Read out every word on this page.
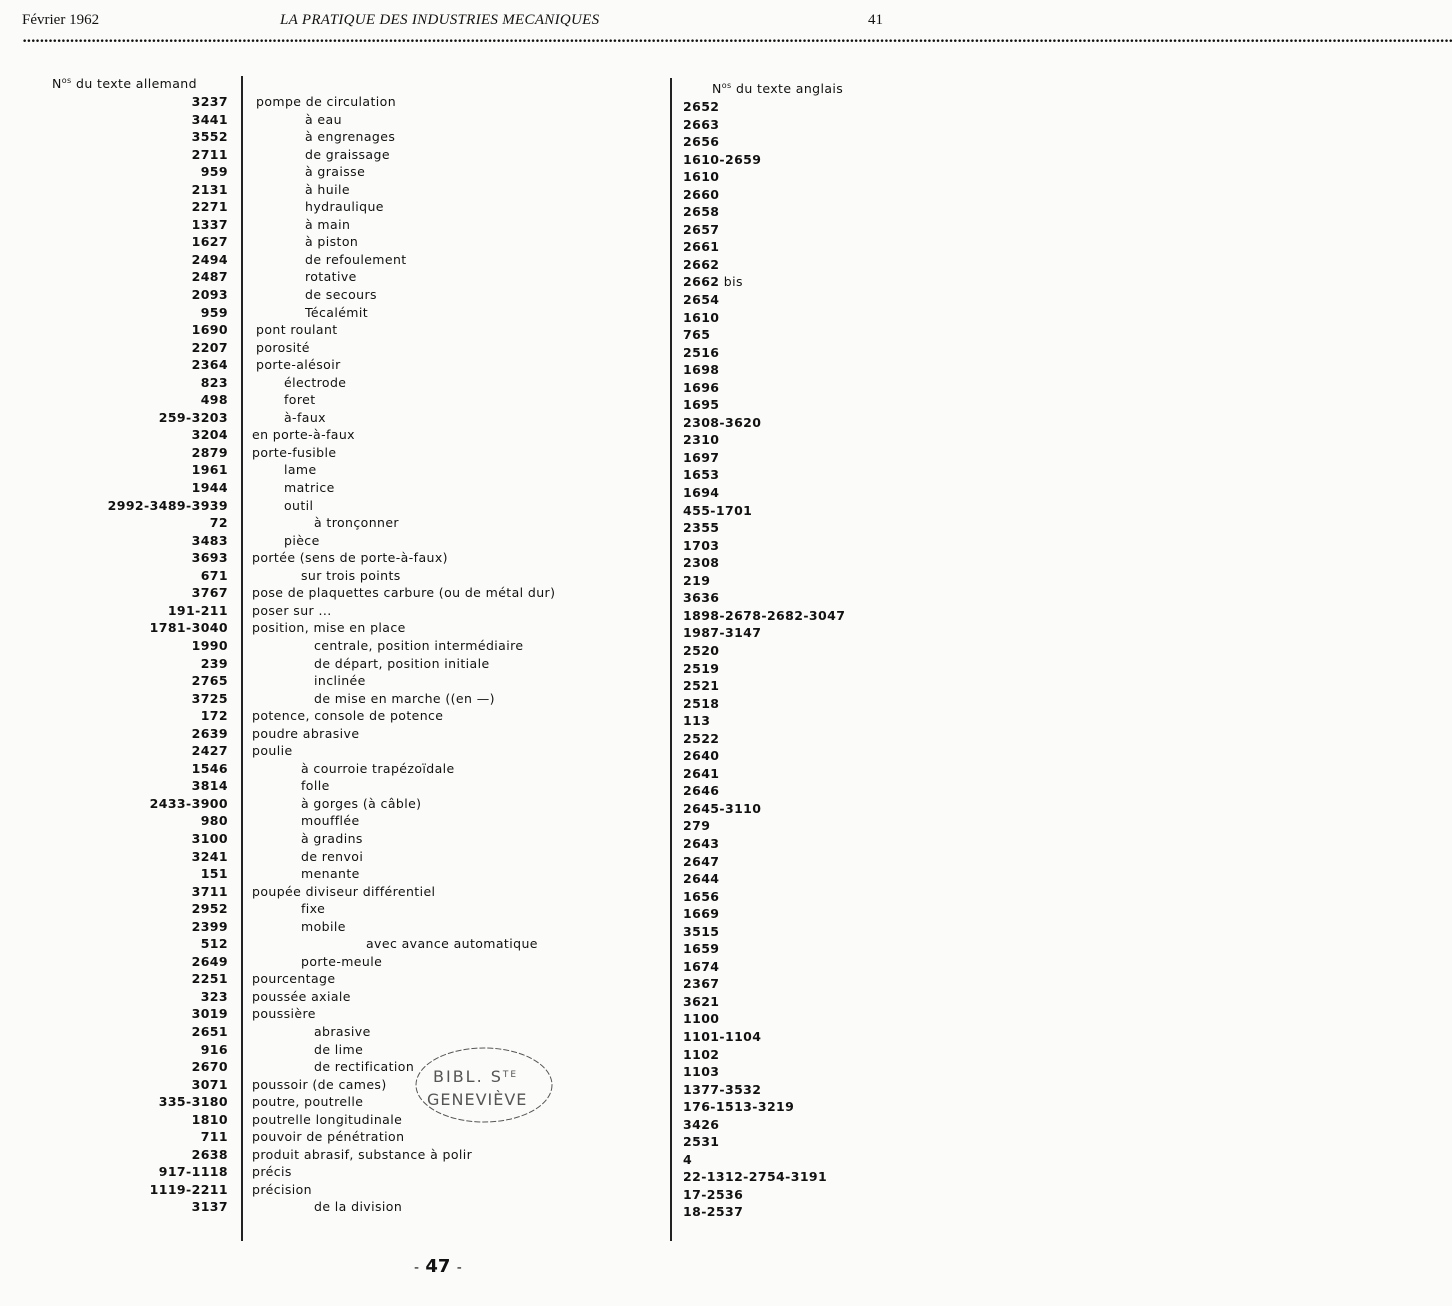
Février 1962	LA PRATIQUE DES INDUSTRIES MECANIQUES	41
••••••••••••••••••••••••••••••••••••••••••••••••••••••••••••••••••••••••••••••••••••••••••••••••••••••••••••••••••••••••••••••••••••••••••••••••••••••••••••••••••••••••••••••••••••••••••••••••••••••••••••••••••••••••••••••••••••••••••••••••••••••••••••••••••••••••••••••••••••••••••••••••••••••••••••••••••••••••••••••••••••••••••••
$N^{os}$ du texte allemand	$N^{os}$ du texte anglais
3237 pompe de circulation	2652
3441	à eau	2663
3552	à engrenages	2656
2711	de graissage	1610-2659
959	à graisse	1610
2131	à huile	2660
2271	hydraulique	2658
1337	à main	2657
1627	à piston	2661
2494	de refoulement	2662
2487	rotative	2662 bis
2093	de secours	2654
959	Técalémit	1610
1690 pont roulant	765
2207 porosité	2516
2364 porte-alésoir	1698
823	électrode	1696
498	foret	1695
259-3203	à-faux	2308-3620
3204 en porte-à-faux	2310
2879 porte-fusible	1697
1961	lame	1653
1944	matrice	1694
2992-3489-3939	outil	455-1701
72	à tronçonner	2355
3483	pièce	1703
3693 portée (sens de porte-à-faux)	2308
671	sur trois points	219
3767 pose de plaquettes carbure (ou de métal dur)	3636
191-211 poser sur ...	1898-2678-2682-3047
1781-3040 position, mise en place	1987-3147
1990	centrale, position intermédiaire	2520
239	de départ, position initiale	2519
2765	inclinée	2521
3725	de mise en marche ((en —)	2518
172 potence, console de potence	113
2639 poudre abrasive	2522
2427 poulie	2640
1546	à courroie trapézoïdale	2641
3814	folle	2646
2433-3900	à gorges (à câble)	2645-3110
980	moufflée	279
3100	à gradins	2643
3241	de renvoi	2647
151	menante	2644
3711 poupée diviseur différentiel	1656
2952	fixe	1669
2399	mobile	3515
512	avec avance automatique	1659
2649	porte-meule	1674
2251 pourcentage	2367
323 poussée axiale	3621
3019 poussière	1100
2651	abrasive	1101-1104
916	de lime	1102
2670	de rectification	1103
3071 poussoir (de cames)	1377-3532
335-3180 poutre, poutrelle	176-1513-3219
1810 poutrelle longitudinale	3426
711 pouvoir de pénétration	2531
2638 produit abrasif, substance à polir	4
917-1118 précis	22-1312-2754-3191
1119-2211 précision	17-2536
3137	de la division	18-2537
BIBL. $S^{TE}$
GENEVIÈVE
- 47 -
